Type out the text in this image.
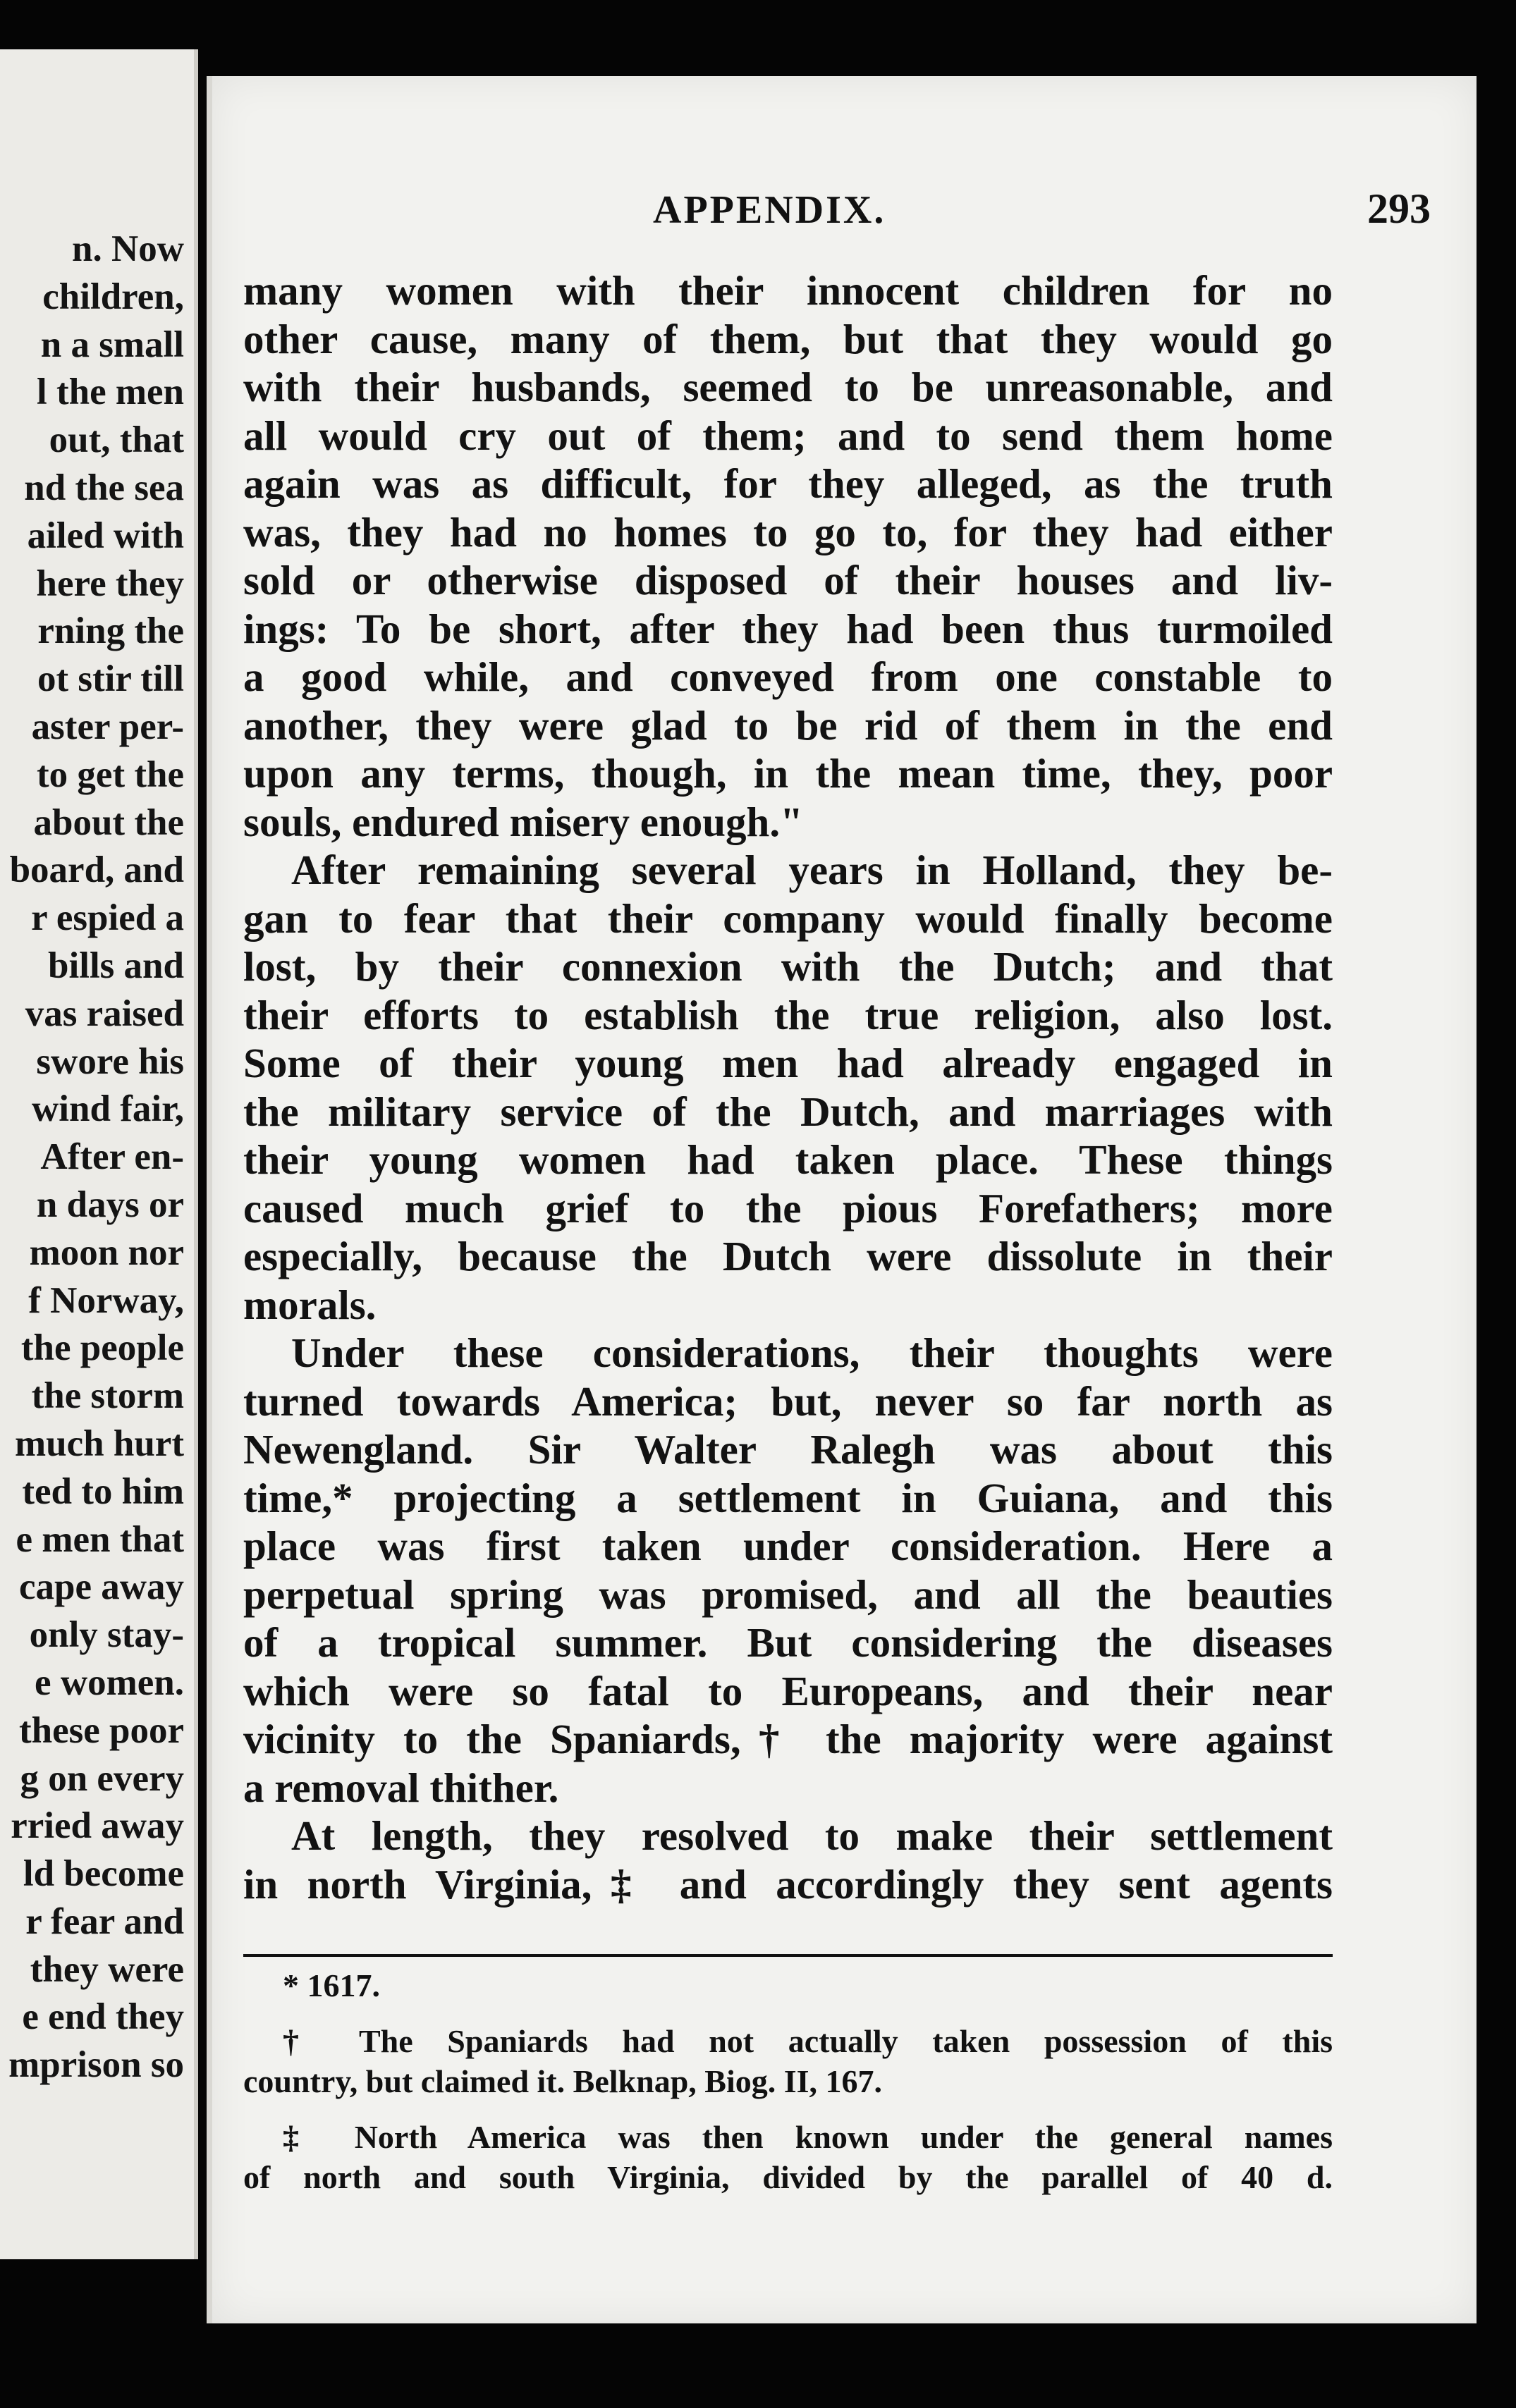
n. Now
children,
n a small
l the men
out, that
nd the sea
ailed with
here they
rning the
ot stir till
aster per-
to get the
about the
board, and
r espied a
bills and
vas raised
swore his
wind fair,
After en-
n days or
moon nor
f Norway,
the people
the storm
much hurt
ted to him
e men that
cape away
only stay-
e women.
these poor
g on every
rried away
ld become
r fear and
they were
e end they
mprison so
APPENDIX.	293
many women with their innocent children for no
other cause, many of them, but that they would go
with their husbands, seemed to be unreasonable, and
all would cry out of them; and to send them home
again was as difficult, for they alleged, as the truth
was, they had no homes to go to, for they had either
sold or otherwise disposed of their houses and liv-
ings: To be short, after they had been thus turmoiled
a good while, and conveyed from one constable to
another, they were glad to be rid of them in the end
upon any terms, though, in the mean time, they, poor
souls, endured misery enough."
After remaining several years in Holland, they be-
gan to fear that their company would finally become
lost, by their connexion with the Dutch; and that
their efforts to establish the true religion, also lost.
Some of their young men had already engaged in
the military service of the Dutch, and marriages with
their young women had taken place. These things
caused much grief to the pious Forefathers; more
especially, because the Dutch were dissolute in their
morals.
Under these considerations, their thoughts were
turned towards America; but, never so far north as
Newengland. Sir Walter Ralegh was about this
time,* projecting a settlement in Guiana, and this
place was first taken under consideration. Here a
perpetual spring was promised, and all the beauties
of a tropical summer. But considering the diseases
which were so fatal to Europeans, and their near
vicinity to the Spaniards,† the majority were against
a removal thither.
At length, they resolved to make their settlement
in north Virginia,‡ and accordingly they sent agents
* 1617.
† The Spaniards had not actually taken possession of this
country, but claimed it. Belknap, Biog. II, 167.
‡ North America was then known under the general names
of north and south Virginia, divided by the parallel of 40 d.
